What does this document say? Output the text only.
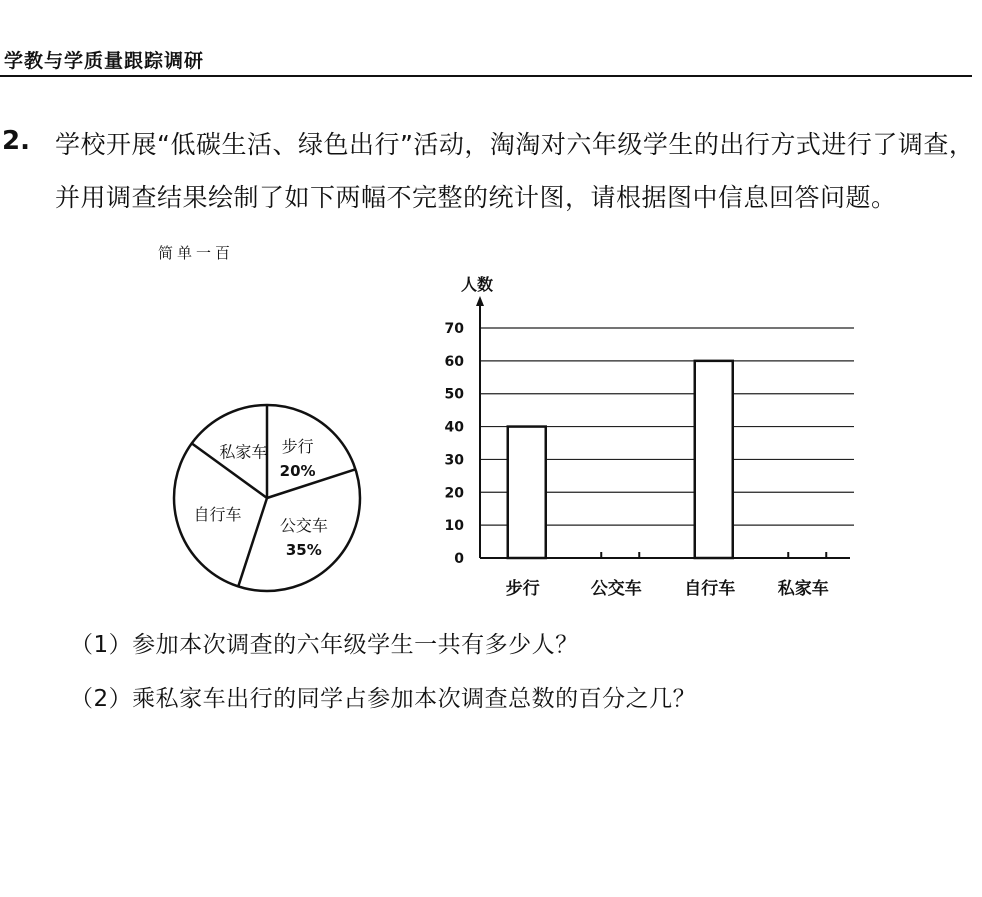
学教与学质量跟踪调研
2. 学校开展“低碳生活、绿色出行”活动，淘淘对六年级学生的出行方式进行了调查，并用调查结果绘制了如下两幅不完整的统计图，请根据图中信息回答问题。

简单一百
步行
20%
公交车
35%
自行车
私家车
人数
0
10
20
30
40
50
60
70
步行	公交车	自行车	私家车

（1）参加本次调查的六年级学生一共有多少人？

（2）乘私家车出行的同学占参加本次调查总数的百分之几？
